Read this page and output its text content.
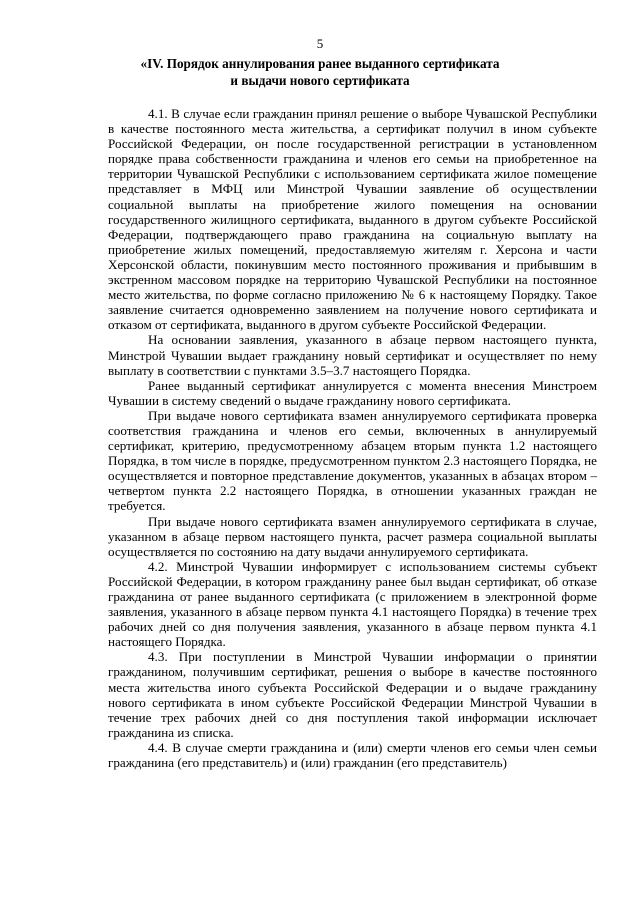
5
«IV. Порядок аннулирования ранее выданного сертификата
и выдачи нового сертификата

4.1. В случае если гражданин принял решение о выборе Чувашской Республики в качестве постоянного места жительства, а сертификат получил в ином субъекте Российской Федерации, он после государственной регистрации в установленном порядке права собственности гражданина и членов его семьи на приобретенное на территории Чувашской Республики с использованием сертификата жилое помещение представляет в МФЦ или Минстрой Чувашии заявление об осуществлении социальной выплаты на приобретение жилого помещения на основании государственного жилищного сертификата, выданного в другом субъекте Российской Федерации, подтверждающего право гражданина на социальную выплату на приобретение жилых помещений, предоставляемую жителям г. Херсона и части Херсонской области, покинувшим место постоянного проживания и прибывшим в экстренном массовом порядке на территорию Чувашской Республики на постоянное место жительства, по форме согласно приложению № 6 к настоящему Порядку. Такое заявление считается одновременно заявлением на получение нового сертификата и отказом от сертификата, выданного в другом субъекте Российской Федерации.

На основании заявления, указанного в абзаце первом настоящего пункта, Минстрой Чувашии выдает гражданину новый сертификат и осуществляет по нему выплату в соответствии с пунктами 3.5–3.7 настоящего Порядка.

Ранее выданный сертификат аннулируется с момента внесения Минстроем Чувашии в систему сведений о выдаче гражданину нового сертификата.

При выдаче нового сертификата взамен аннулируемого сертификата проверка соответствия гражданина и членов его семьи, включенных в аннулируемый сертификат, критерию, предусмотренному абзацем вторым пункта 1.2 настоящего Порядка, в том числе в порядке, предусмотренном пунктом 2.3 настоящего Порядка, не осуществляется и повторное представление документов, указанных в абзацах втором – четвертом пункта 2.2 настоящего Порядка, в отношении указанных граждан не требуется.

При выдаче нового сертификата взамен аннулируемого сертификата в случае, указанном в абзаце первом настоящего пункта, расчет размера социальной выплаты осуществляется по состоянию на дату выдачи аннулируемого сертификата.

4.2. Минстрой Чувашии информирует с использованием системы субъект Российской Федерации, в котором гражданину ранее был выдан сертификат, об отказе гражданина от ранее выданного сертификата (с приложением в электронной форме заявления, указанного в абзаце первом пункта 4.1 настоящего Порядка) в течение трех рабочих дней со дня получения заявления, указанного в абзаце первом пункта 4.1 настоящего Порядка.

4.3. При поступлении в Минстрой Чувашии информации о принятии гражданином, получившим сертификат, решения о выборе в качестве постоянного места жительства иного субъекта Российской Федерации и о выдаче гражданину нового сертификата в ином субъекте Российской Федерации Минстрой Чувашии в течение трех рабочих дней со дня поступления такой информации исключает гражданина из списка.

4.4. В случае смерти гражданина и (или) смерти членов его семьи член семьи гражданина (его представитель) и (или) гражданин (его представитель)
